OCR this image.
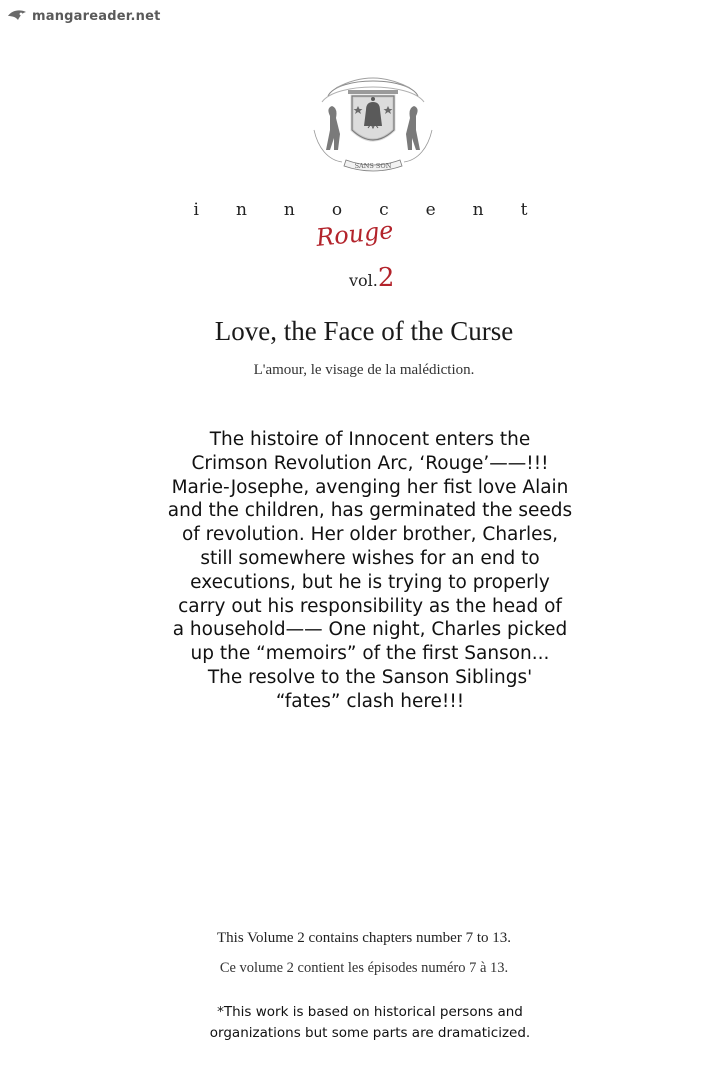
mangareader.net
SANS SON
innocent
Rouge
vol.2
Love, the Face of the Curse
L'amour, le visage de la malédiction.
The histoire of Innocent enters the
Crimson Revolution Arc, ‘Rouge’——!!!
Marie-Josephe, avenging her fist love Alain
and the children, has germinated the seeds
of revolution. Her older brother, Charles,
still somewhere wishes for an end to
executions, but he is trying to properly
carry out his responsibility as the head of
a household—— One night, Charles picked
up the “memoirs” of the first Sanson...
The resolve to the Sanson Siblings'
“fates” clash here!!!
This Volume 2 contains chapters number 7 to 13.
Ce volume 2 contient les épisodes numéro 7 à 13.
*This work is based on historical persons and
organizations but some parts are dramaticized.
